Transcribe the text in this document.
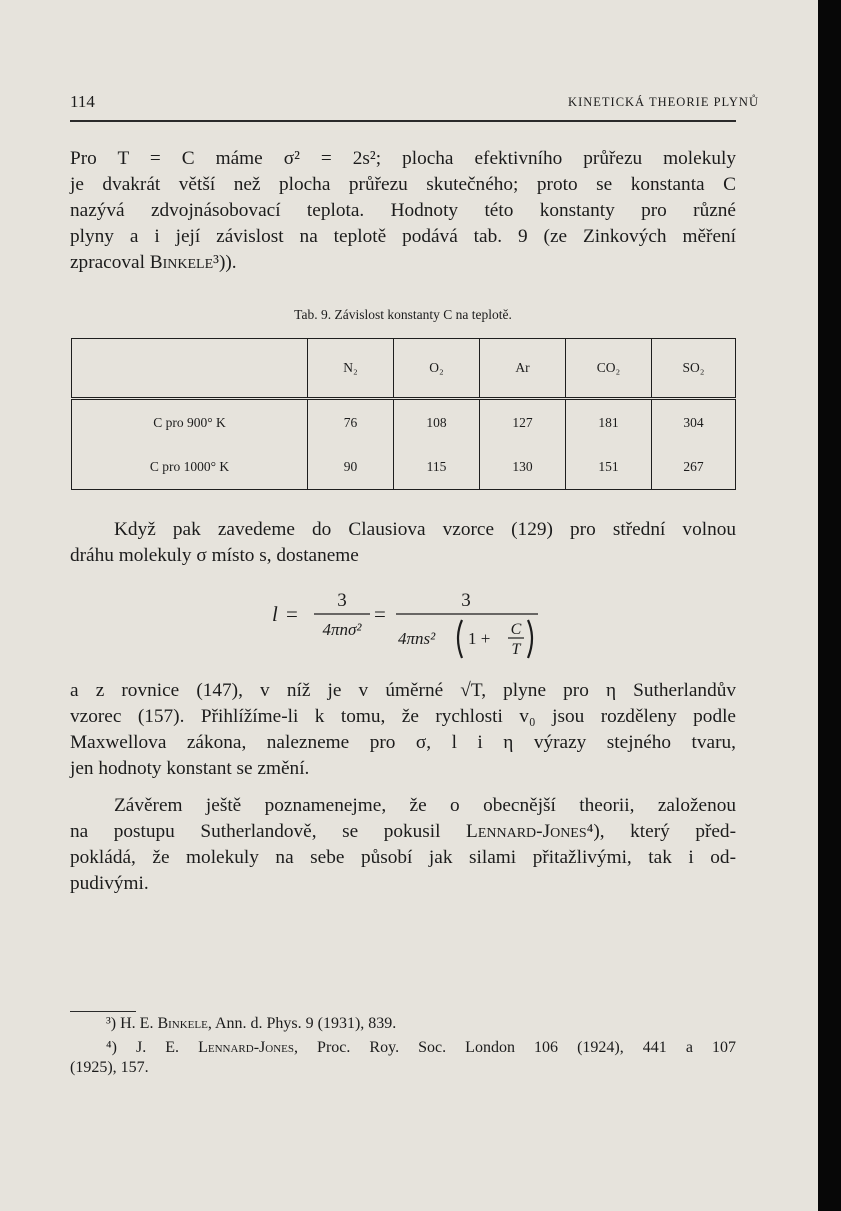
114	KINETICKÁ THEORIE PLYNŮ
Pro T = C máme σ² = 2s²; plocha efektivního průřezu molekuly
je dvakrát větší než plocha průřezu skutečného; proto se konstanta C
nazývá zdvojnásobovací teplota. Hodnoty této konstanty pro různé
plyny a i její závislost na teplotě podává tab. 9 (ze Zinkových měření
zpracoval Binkele³)).
Tab. 9. Závislost konstanty C na teplotě.
	N₂	O₂	Ar	CO₂	SO₂
C pro 900° K	76	108	127	181	304
C pro 1000° K	90	115	130	151	267
Když pak zavedeme do Clausiova vzorce (129) pro střední volnou
dráhu molekuly σ místo s, dostaneme
l =
3
4πnσ²
=
3
4πns² 1 + C
T
a z rovnice (147), v níž je v úměrné √T, plyne pro η Sutherlandův
vzorec (157). Přihlížíme-li k tomu, že rychlosti v₀ jsou rozděleny podle
Maxwellova zákona, nalezneme pro σ, l i η výrazy stejného tvaru,
jen hodnoty konstant se změní.
Závěrem ještě poznamenejme, že o obecnější theorii, založenou
na postupu Sutherlandově, se pokusil Lennard-Jones⁴), který před-
pokládá, že molekuly na sebe působí jak silami přitažlivými, tak i od-
pudivými.
³) H. E. Binkele, Ann. d. Phys. 9 (1931), 839.
⁴) J. E. Lennard-Jones, Proc. Roy. Soc. London 106 (1924), 441 a 107
(1925), 157.
